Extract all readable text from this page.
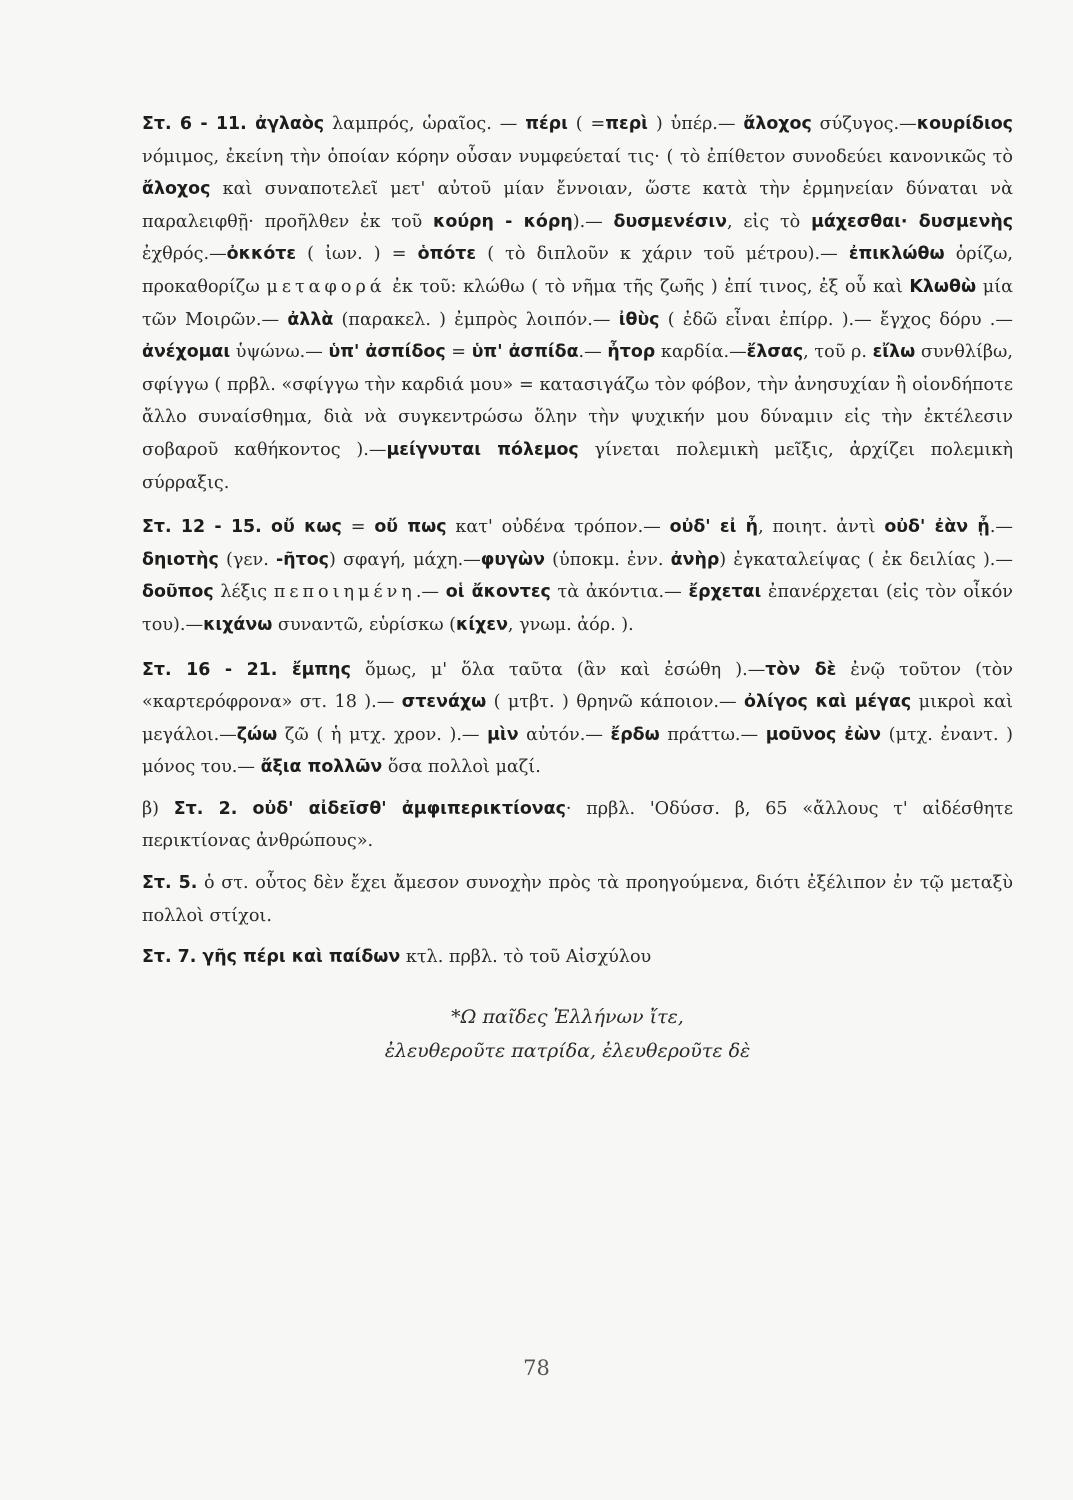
Στ. 6 - 11. ἀγλαὸς λαμπρός, ὡραῖος. — πέρι ( =περὶ ) ὑπέρ.— ἄλοχος σύζυγος.—κουρίδιος νόμιμος, ἐκείνη τὴν ὁποίαν κόρην οὖσαν νυμφεύεταί τις· ( τὸ ἐπίθετον συνοδεύει κανονικῶς τὸ ἄλοχος καὶ συναποτελεῖ μετ' αὐτοῦ μίαν ἔννοιαν, ὥστε κατὰ τὴν ἑρμηνείαν δύναται νὰ παραλειφθῇ· προῆλθεν ἐκ τοῦ κούρη - κόρη).— δυσμενέσιν, εἰς τὸ μάχεσθαι· δυσμενὴς ἐχθρός.—ὀκκότε ( ἰων. ) = ὁπότε ( τὸ διπλοῦν κ χάριν τοῦ μέτρου).— ἐπικλώθω ὁρίζω, προκαθορίζω μεταφορά ἐκ τοῦ: κλώθω ( τὸ νῆμα τῆς ζωῆς ) ἐπί τινος, ἐξ οὗ καὶ Κλωθὼ μία τῶν Μοιρῶν.— ἀλλὰ (παρακελ. ) ἐμπρὸς λοιπόν.— ἰθὺς ( ἐδῶ εἶναι ἐπίρρ. ).— ἔγχος δόρυ .— ἀνέχομαι ὑψώνω.— ὑπ' ἀσπίδος = ὑπ' ἀσπίδα.— ἦτορ καρδία.—ἔλσας, τοῦ ρ. εἴλω συνθλίβω, σφίγγω ( πρβλ. «σφίγγω τὴν καρδιά μου» = κατασιγάζω τὸν φόβον, τὴν ἀνησυχίαν ἢ οἱονδήποτε ἄλλο συναίσθημα, διὰ νὰ συγκεντρώσω ὅλην τὴν ψυχικήν μου δύναμιν εἰς τὴν ἐκτέλεσιν σοβαροῦ καθήκοντος ).—μείγνυται πόλεμος γίνεται πολεμικὴ μεῖξις, ἀρχίζει πολεμικὴ σύρραξις.

Στ. 12 - 15. οὔ κως = οὔ πως κατ' οὐδένα τρόπον.— οὐδ' εἰ ἦ, ποιητ. ἀντὶ οὐδ' ἐὰν ᾖ.— δηιοτὴς (γεν. -ῆτος) σφαγή, μάχη.—φυγὼν (ὑποκμ. ἐνν. ἀνὴρ) ἐγκαταλείψας ( ἐκ δειλίας ).— δοῦπος λέξις πεποιημένη.— οἱ ἄκοντες τὰ ἀκόντια.— ἔρχεται ἐπανέρχεται (εἰς τὸν οἶκόν του).—κιχάνω συναντῶ, εὑρίσκω (κίχεν, γνωμ. ἀόρ. ).

Στ. 16 - 21. ἔμπης ὅμως, μ' ὅλα ταῦτα (ἂν καὶ ἐσώθη ).—τὸν δὲ ἐνῷ τοῦτον (τὸν «καρτερόφρονα» στ. 18 ).— στενάχω ( μτβτ. ) θρηνῶ κάποιον.— ὀλίγος καὶ μέγας μικροὶ καὶ μεγάλοι.—ζώω ζῶ ( ἡ μτχ. χρον. ).— μὶν αὐτόν.— ἔρδω πράττω.— μοῦνος ἐὼν (μτχ. ἐναντ. ) μόνος του.— ἄξια πολλῶν ὅσα πολλοὶ μαζί.

β) Στ. 2. οὐδ' αἰδεῖσθ' ἀμφιπερικτίονας· πρβλ. 'Οδύσσ. β, 65 «ἄλλους τ' αἰδέσθητε περικτίονας ἀνθρώπους».

Στ. 5. ὁ στ. οὗτος δὲν ἔχει ἄμεσον συνοχὴν πρὸς τὰ προηγούμενα, διότι ἐξέλιπον ἐν τῷ μεταξὺ πολλοὶ στίχοι.

Στ. 7. γῆς πέρι καὶ παίδων κτλ. πρβλ. τὸ τοῦ Αἰσχύλου

*Ω παῖδες Ἑλλήνων ἴτε,
ἐλευθεροῦτε πατρίδα, ἐλευθεροῦτε δὲ
78
